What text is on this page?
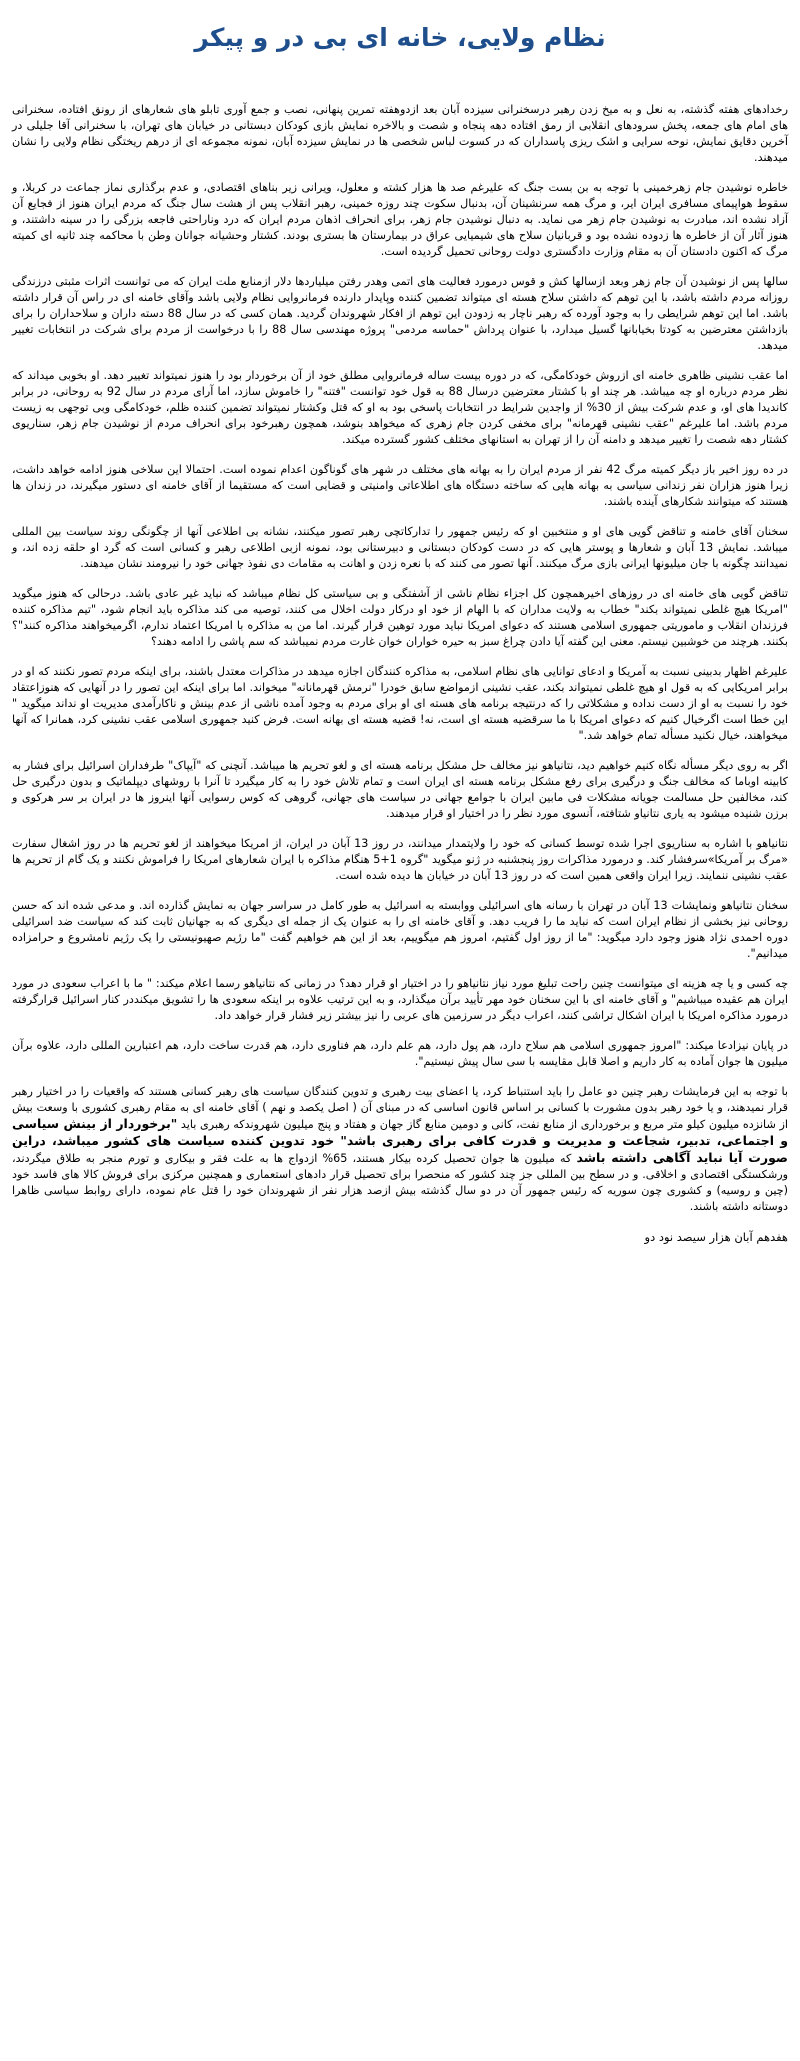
نظام ولایی، خانه ای بی در و پیکر

رخدادهای هفته گذشته، به نعل و به میخ زدن رهبر درسخنرانی سیزده آبان بعد ازدوهفته تمرین پنهانی، نصب و جمع آوری تابلو های شعارهای از رونق افتاده، سخنرانی های امام های جمعه، پخش سرودهای انقلابی از رمق افتاده دهه پنجاه و شصت و بالاخره نمایش بازی کودکان دبستانی در خیابان های تهران، با سخنرانی آقا جلیلی در آخرین دقایق نمایش، نوحه سرایی و اشک ریزی پاسداران که در کسوت لباس شخصی ها در نمایش سیزده آبان، نمونه مجموعه ای از درهم ریختگی نظام ولایی را نشان میدهند.

خاطره نوشیدن جام زهرخمینی با توجه به بن بست جنگ که علیرغم صد ها هزار کشته و معلول، ویرانی زیر بناهای اقتصادی، و عدم برگذاری نماز جماعت در کربلا، و سقوط هواپیمای مسافری ایران ایر، و مرگ همه سرنشینان آن، بدنبال سکوت چند روزه خمینی، رهبر انقلاب پس از هشت سال جنگ که مردم ایران هنوز از فجایع آن آزاد نشده اند، مبادرت به نوشیدن جام زهر می نماید. به دنبال نوشیدن جام زهر، برای انحراف اذهان مردم ایران که درد وناراحتی فاجعه بزرگی را در سینه داشتند، و هنوز آثار آن از خاطره ها زدوده نشده بود و قربانیان سلاح های شیمیایی عراق در بیمارستان ها بستری بودند. کشتار وحشیانه جوانان وطن با محاکمه چند ثانیه ای کمیته مرگ که اکنون دادستان آن به مقام وزارت دادگستری دولت روحانی تحمیل گردیده است.

سالها پس از نوشیدن آن جام زهر وبعد ازسالها کش و قوس درمورد فعالیت های اتمی وهدر رفتن میلیاردها دلار ازمنابع ملت ایران که می توانست اثرات مثبتی درزندگی روزانه مردم داشته باشد، با این توهم که داشتن سلاح هسته ای میتواند تضمین کننده وپایدار دارنده فرمانروایی نظام ولایی باشد وآقای خامنه ای در راس آن قرار داشته باشد. اما این توهم شرایطی را به وجود آورده که رهبر ناچار به زدودن این توهم از افکار شهروندان گردید. همان کسی که در سال 88 دسته داران و سلاحداران را برای بازداشتن معترضین به کودتا بخیابانها گسیل میدارد، با عنوان پرداش "حماسه مردمی" پروژه مهندسی سال 88 را با درخواست از مردم برای شرکت در انتخابات تغییر میدهد.

اما عقب نشینی ظاهری خامنه ای ازروش خودکامگی، که در دوره بیست ساله فرمانروایی مطلق خود از آن برخوردار بود را هنوز نمیتواند تغییر دهد. او بخوبی میداند که نظر مردم درباره او چه میباشد. هر چند او با کشتار معترضین درسال 88 به قول خود توانست "فتنه" را خاموش سازد، اما آرای مردم در سال 92 به روحانی، در برابر کاندیدا های او، و عدم شرکت بیش از 30% از واجدین شرایط در انتخابات پاسخی بود به او که قتل وکشتار نمیتواند تضمین کننده ظلم، خودکامگی وبی توجهی به زیست مردم باشد. اما علیرغم "عقب نشینی قهرمانه" برای مخفی کردن جام زهری که میخواهد بنوشد، همچون رهبرخود برای انحراف مردم از نوشیدن جام زهر، سناریوی کشتار دهه شصت را تغییر میدهد و دامنه آن را از تهران به استانهای مختلف کشور گسترده میکند.

در ده روز اخیر باز دیگر کمیته مرگ 42 نفر از مردم ایران را به بهانه های مختلف در شهر های گوناگون اعدام نموده است. احتمالا این سلاخی هنوز ادامه خواهد داشت، زیرا هنوز هزاران نفر زندانی سیاسی به بهانه هایی که ساخته دستگاه های اطلاعاتی وامنیتی و قضایی است که مستقیما از آقای خامنه ای دستور میگیرند، در زندان ها هستند که میتوانند شکارهای آینده باشند.

سخنان آقای خامنه و تناقض گویی های او و منتخبین او که رئیس جمهور را تدارکاتچی رهبر تصور میکنند، نشانه بی اطلاعی آنها از چگونگی روند سیاست بین المللی میباشد. نمایش 13 آبان و شعارها و پوستر هایی که در دست کودکان دبستانی و دبیرستانی بود، نمونه ازبی اطلاعی رهبر و کسانی است که گرد او حلقه زده اند، و نمیدانند چگونه با جان میلیونها ایرانی بازی مرگ میکنند. آنها تصور می کنند که با نعره زدن و اهانت به مقامات دی نفوذ جهانی خود را نیرومند نشان میدهند.

تناقض گویی های خامنه ای در روزهای اخیرهمچون کل اجزاء نظام ناشی از آشفتگی و بی سیاستی کل نظام میباشد که نباید غیر عادی باشد. درحالی که هنوز میگوید "امریکا هیچ غلطی نمیتواند بکند" خطاب به ولایت مداران که با الهام از خود او درکار دولت اخلال می کنند، توصیه می کند مذاکره باید انجام شود، "تیم مذاکره کننده فرزندان انقلاب و ماموریتی جمهوری اسلامی هستند که دعوای امریکا نباید مورد توهین قرار گیرند. اما من به مذاکره با امریکا اعتماد ندارم، اگرمیخواهند مذاکره کنند"؟ بکنند. هرچند من خوشبین نیستم. معنی این گفته آیا دادن چراغ سبز به حیره خواران خوان غارت مردم نمیباشد که سم پاشی را ادامه دهند؟

علیرغم اظهار بدبینی نسبت به آمریکا و ادعای توانایی های نظام اسلامی، به مذاکره کنندگان اجازه میدهد در مذاکرات معتدل باشند، برای اینکه مردم تصور نکنند که او در برابر امریکایی که به قول او هیچ غلطی نمیتواند بکند، عقب نشینی ازمواضع سابق خودرا "نرمش قهرمانانه" میخواند. اما برای اینکه این تصور را در آنهایی که هنوزاعتقاد خود را نسبت به او از دست نداده و مشکلاتی را که درنتیجه برنامه های هسته ای او برای مردم به وجود آمده ناشی از عدم بینش و ناکارآمدی مدیریت او نداند میگوید " این خطا است اگرخیال کنیم که دعوای امریکا با ما سرقضیه هسته ای است، نه! قضیه هسته ای بهانه است. فرض کنید جمهوری اسلامی عقب نشینی کرد، همانرا که آنها میخواهند، خیال نکنید مسأله تمام خواهد شد."

اگر به روی دیگر مسأله نگاه کنیم خواهیم دید، نتانیاهو نیز مخالف حل مشکل برنامه هسته ای و لغو تحریم ها میباشد. آنچنی که "آیپاک" طرفداران اسرائیل برای فشار به کابینه اوباما که مخالف جنگ و درگیری برای رفع مشکل برنامه هسته ای ایران است و تمام تلاش خود را به کار میگیرد تا آنرا با روشهای دیپلماتیک و بدون درگیری حل کند، مخالفین حل مسالمت جویانه مشکلات فی مابین ایران با جوامع جهانی در سیاست های جهانی، گروهی که کوس رسوایی آنها اینروز ها در ایران بر سر هرکوی و برزن شنیده میشود به یاری نتانیاو شتافته، آنسوی مورد نظر را در اختیار او قرار میدهند.

نتانیاهو با اشاره به سناریوی اجرا شده توسط کسانی که خود را ولایتمدار میدانند، در روز 13 آبان در ایران، از امریکا میخواهند از لغو تحریم ها در روز اشغال سفارت «مرگ بر آمریکا»سرفشار کند. و درمورد مذاکرات روز پنجشنبه در ژنو میگوید "گروه 1+5 هنگام مذاکره با ایران شعارهای امریکا را فراموش نکنند و یک گام از تحریم ها عقب نشینی ننمایند. زیرا ایران واقعی همین است که در روز 13 آبان در خیابان ها دیده شده است.

سخنان نتانیاهو ونمایشات 13 آبان در تهران با رسانه های اسرائیلی ووابسته به اسرائیل به طور کامل در سراسر جهان به نمایش گذارده اند. و مدعی شده اند که حسن روحانی نیز بخشی از نظام ایران است که نباید ما را فریب دهد. و آقای خامنه ای را به عنوان یک از جمله ای دیگری که به جهانیان ثابت کند که سیاست ضد اسرائیلی دوره احمدی نژاد هنوز وجود دارد میگوید: "ما از روز اول گفتیم، امروز هم میگوییم، بعد از این هم خواهیم گفت "ما رژیم صهیونیستی را یک رژیم نامشروع و حرامزاده میدانیم".

چه کسی و یا چه هزینه ای میتوانست چنین راحت تبلیغ مورد نیاز نتانیاهو را در اختیار او قرار دهد؟ در زمانی که نتانیاهو رسما اعلام میکند: " ما با اعراب سعودی در مورد ایران هم عقیده میباشیم" و آقای خامنه ای با این سخنان خود مهر تأیید برآن میگذارد، و به این ترتیب علاوه بر اینکه سعودی ها را تشویق میکنددر کنار اسرائیل قرارگرفته درمورد مذاکره امریکا با ایران اشکال تراشی کنند، اعراب دیگر در سرزمین های عربی را نیز بیشتر زیر فشار قرار خواهد داد.

در پایان نیزادعا میکند: "امروز جمهوری اسلامی هم سلاح دارد، هم پول دارد، هم علم دارد، هم فناوری دارد، هم قدرت ساخت دارد، هم اعتبارین المللی دارد، علاوه برآن میلیون ها جوان آماده به کار داریم و اصلا قابل مقایسه با سی سال پیش نیستیم".

با توجه به این فرمایشات رهبر چنین دو عامل را باید استنباط کرد، یا اعضای بیت رهبری و تدوین کنندگان سیاست های رهبر کسانی هستند که واقعیات را در اختیار رهبر قرار نمیدهند، و یا خود رهبر بدون مشورت با کسانی بر اساس قانون اساسی که در مبنای آن ( اصل یکصد و نهم ) آقای خامنه ای به مقام رهبری کشوری با وسعت بیش از شانزده میلیون کیلو متر مربع و برخورداری از منابع نفت، کانی و دومین منابع گاز جهان و هفتاد و پنج میلیون شهروندکه رهبری باید "برخوردار از بینش سیاسی و اجتماعی، تدبیر، شجاعت و مدیریت و قدرت کافی برای رهبری باشد" خود تدوین کننده سیاست های کشور میباشد، دراین صورت آیا نباید آگاهی داشته باشد که میلیون ها جوان تحصیل کرده بیکار هستند، 65% ازدواج ها به علت فقر و بیکاری و تورم منجر به طلاق میگردند، ورشکستگی اقتصادی و اخلاقی. و در سطح بین المللی جز چند کشور که منحصرا برای تحصیل قرار دادهای استعماری و همچنین مرکزی برای فروش کالا های فاسد خود (چین و روسیه) و کشوری چون سوریه که رئیس جمهور آن در دو سال گذشته بیش ازصد هزار نفر از شهروندان خود را قتل عام نموده، دارای روابط سیاسی ظاهرا دوستانه داشته باشند.

هفدهم آبان هزار سیصد نود دو
